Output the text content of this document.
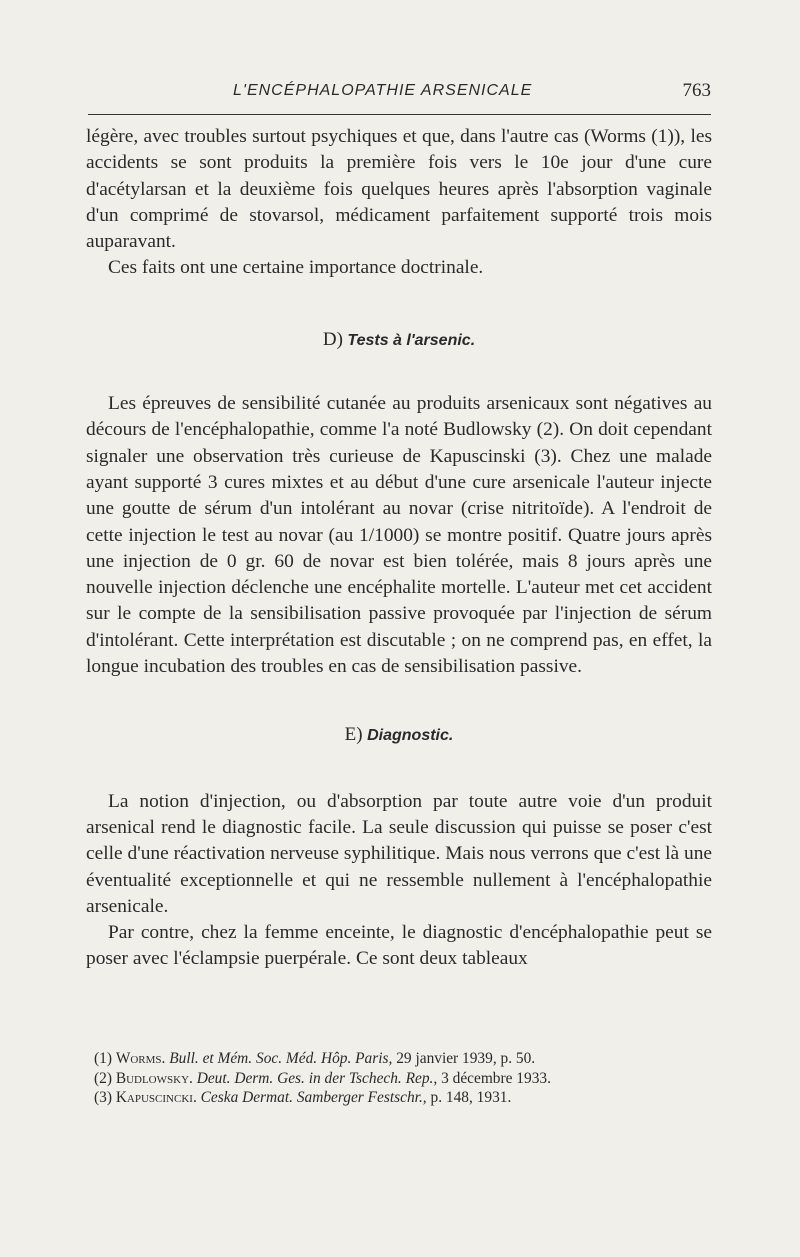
L'ENCÉPHALOPATHIE ARSENICALE	763

légère, avec troubles surtout psychiques et que, dans l'autre cas (Worms (1)), les accidents se sont produits la première fois vers le 10e jour d'une cure d'acétylarsan et la deuxième fois quelques heures après l'absorption vaginale d'un comprimé de stovarsol, médicament parfaitement supporté trois mois auparavant.

Ces faits ont une certaine importance doctrinale.

D) Tests à l'arsenic.

Les épreuves de sensibilité cutanée au produits arsenicaux sont négatives au décours de l'encéphalopathie, comme l'a noté Budlowsky (2). On doit cependant signaler une observation très curieuse de Kapuscinski (3). Chez une malade ayant supporté 3 cures mixtes et au début d'une cure arsenicale l'auteur injecte une goutte de sérum d'un intolérant au novar (crise nitritoïde). A l'endroit de cette injection le test au novar (au 1/1000) se montre positif. Quatre jours après une injection de 0 gr. 60 de novar est bien tolérée, mais 8 jours après une nouvelle injection déclenche une encéphalite mortelle. L'auteur met cet accident sur le compte de la sensibilisation passive provoquée par l'injection de sérum d'intolérant. Cette interprétation est discutable ; on ne comprend pas, en effet, la longue incubation des troubles en cas de sensibilisation passive.

E) Diagnostic.

La notion d'injection, ou d'absorption par toute autre voie d'un produit arsenical rend le diagnostic facile. La seule discussion qui puisse se poser c'est celle d'une réactivation nerveuse syphilitique. Mais nous verrons que c'est là une éventualité exceptionnelle et qui ne ressemble nullement à l'encéphalopathie arsenicale.

Par contre, chez la femme enceinte, le diagnostic d'encéphalopathie peut se poser avec l'éclampsie puerpérale. Ce sont deux tableaux

(1) Worms. Bull. et Mém. Soc. Méd. Hôp. Paris, 29 janvier 1939, p. 50.

(2) Budlowsky. Deut. Derm. Ges. in der Tschech. Rep., 3 décembre 1933.

(3) Kapuscincki. Ceska Dermat. Samberger Festschr., p. 148, 1931.
